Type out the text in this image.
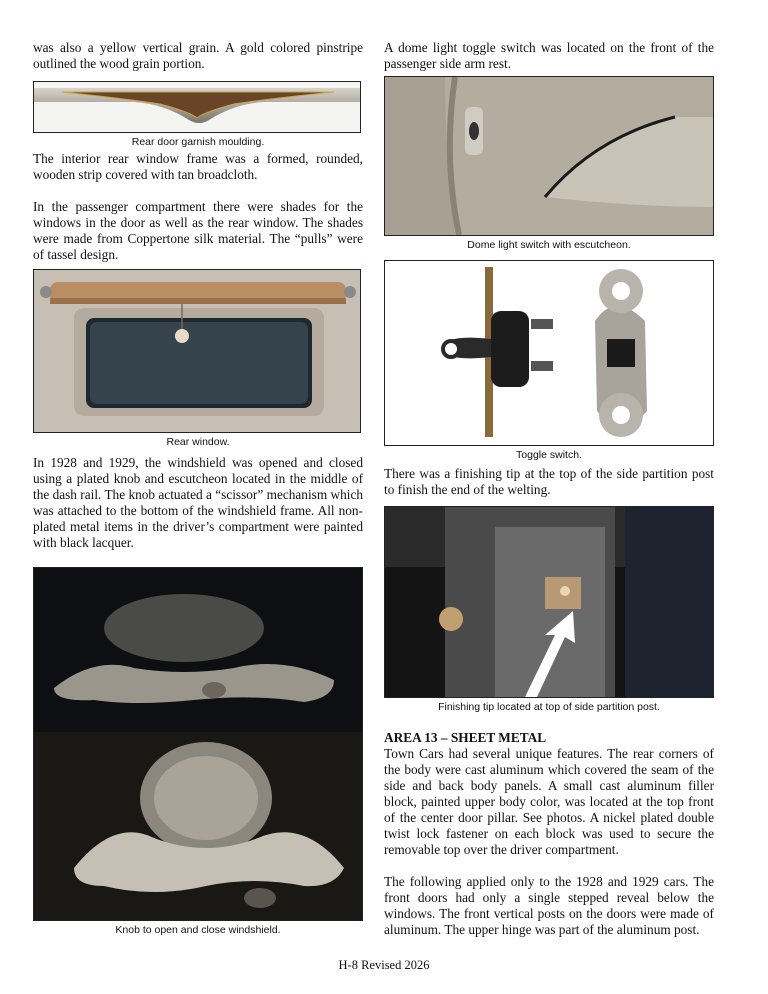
was also a yellow vertical grain. A gold colored pinstripe outlined the wood grain portion.

Rear door garnish moulding.

The interior rear window frame was a formed, rounded, wooden strip covered with tan broadcloth.

In the passenger compartment there were shades for the windows in the door as well as the rear window. The shades were made from Coppertone silk material. The “pulls” were of tassel design.

Rear window.

In 1928 and 1929, the windshield was opened and closed using a plated knob and escutcheon located in the middle of the dash rail. The knob actuated a “scissor” mechanism which was attached to the bottom of the windshield frame. All non-plated metal items in the driver’s compartment were painted with black lacquer.

Knob to open and close windshield.

A dome light toggle switch was located on the front of the passenger side arm rest.

Dome light switch with escutcheon.
Toggle switch.

There was a finishing tip at the top of the side partition post to finish the end of the welting.

Finishing tip located at top of side partition post.

AREA 13 – SHEET METAL

Town Cars had several unique features. The rear corners of the body were cast aluminum which covered the seam of the side and back body panels. A small cast aluminum filler block, painted upper body color, was located at the top front of the center door pillar. See photos. A nickel plated double twist lock fastener on each block was used to secure the removable top over the driver compartment.

The following applied only to the 1928 and 1929 cars. The front doors had only a single stepped reveal below the windows. The front vertical posts on the doors were made of aluminum. The upper hinge was part of the aluminum post.

H-8 Revised 2026
